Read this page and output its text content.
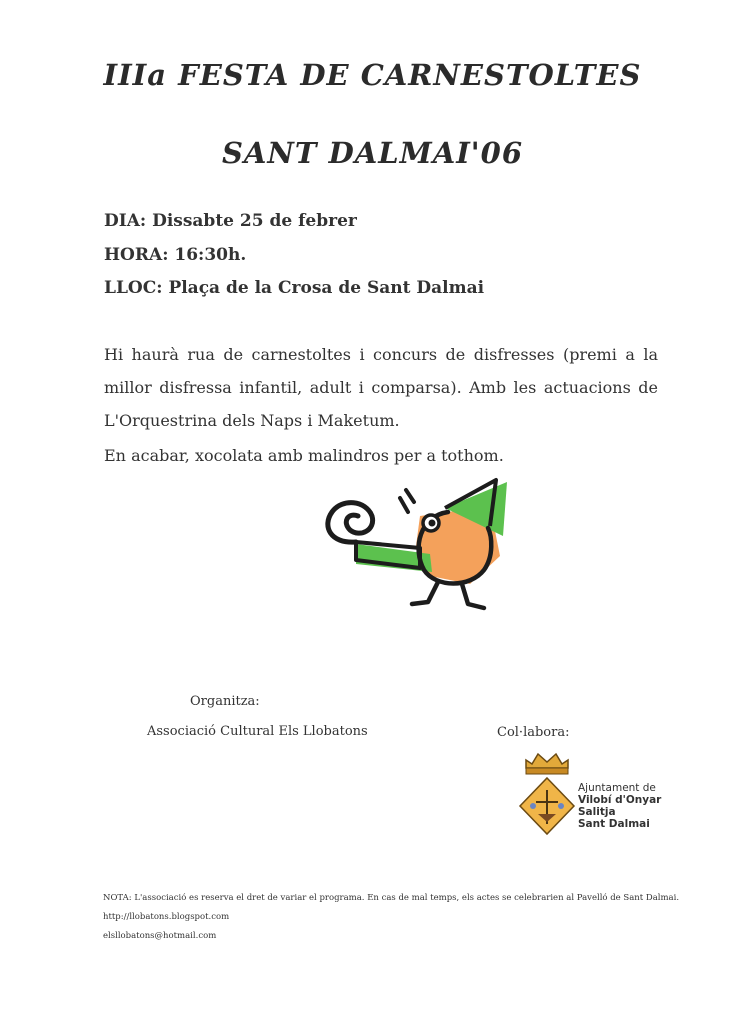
IIIa FESTA DE CARNESTOLTES
SANT DALMAI'06
DIA: Dissabte 25 de febrer
HORA: 16:30h.
LLOC: Plaça de la Crosa de Sant Dalmai
Hi haurà rua de carnestoltes i concurs de disfresses (premi a la millor disfressa infantil, adult i comparsa). Amb les actuacions de L'Orquestrina dels Naps i Maketum.
En acabar, xocolata amb malindros per a tothom.
Organitza:
Associació Cultural Els Llobatons	Col·labora:
Ajuntament de
Vilobí d'Onyar
Salitja
Sant Dalmai
NOTA: L'associació es reserva el dret de variar el programa. En cas de mal temps, els actes se celebrarien al Pavelló de Sant Dalmai.
http://llobatons.blogspot.com
elsllobatons@hotmail.com
